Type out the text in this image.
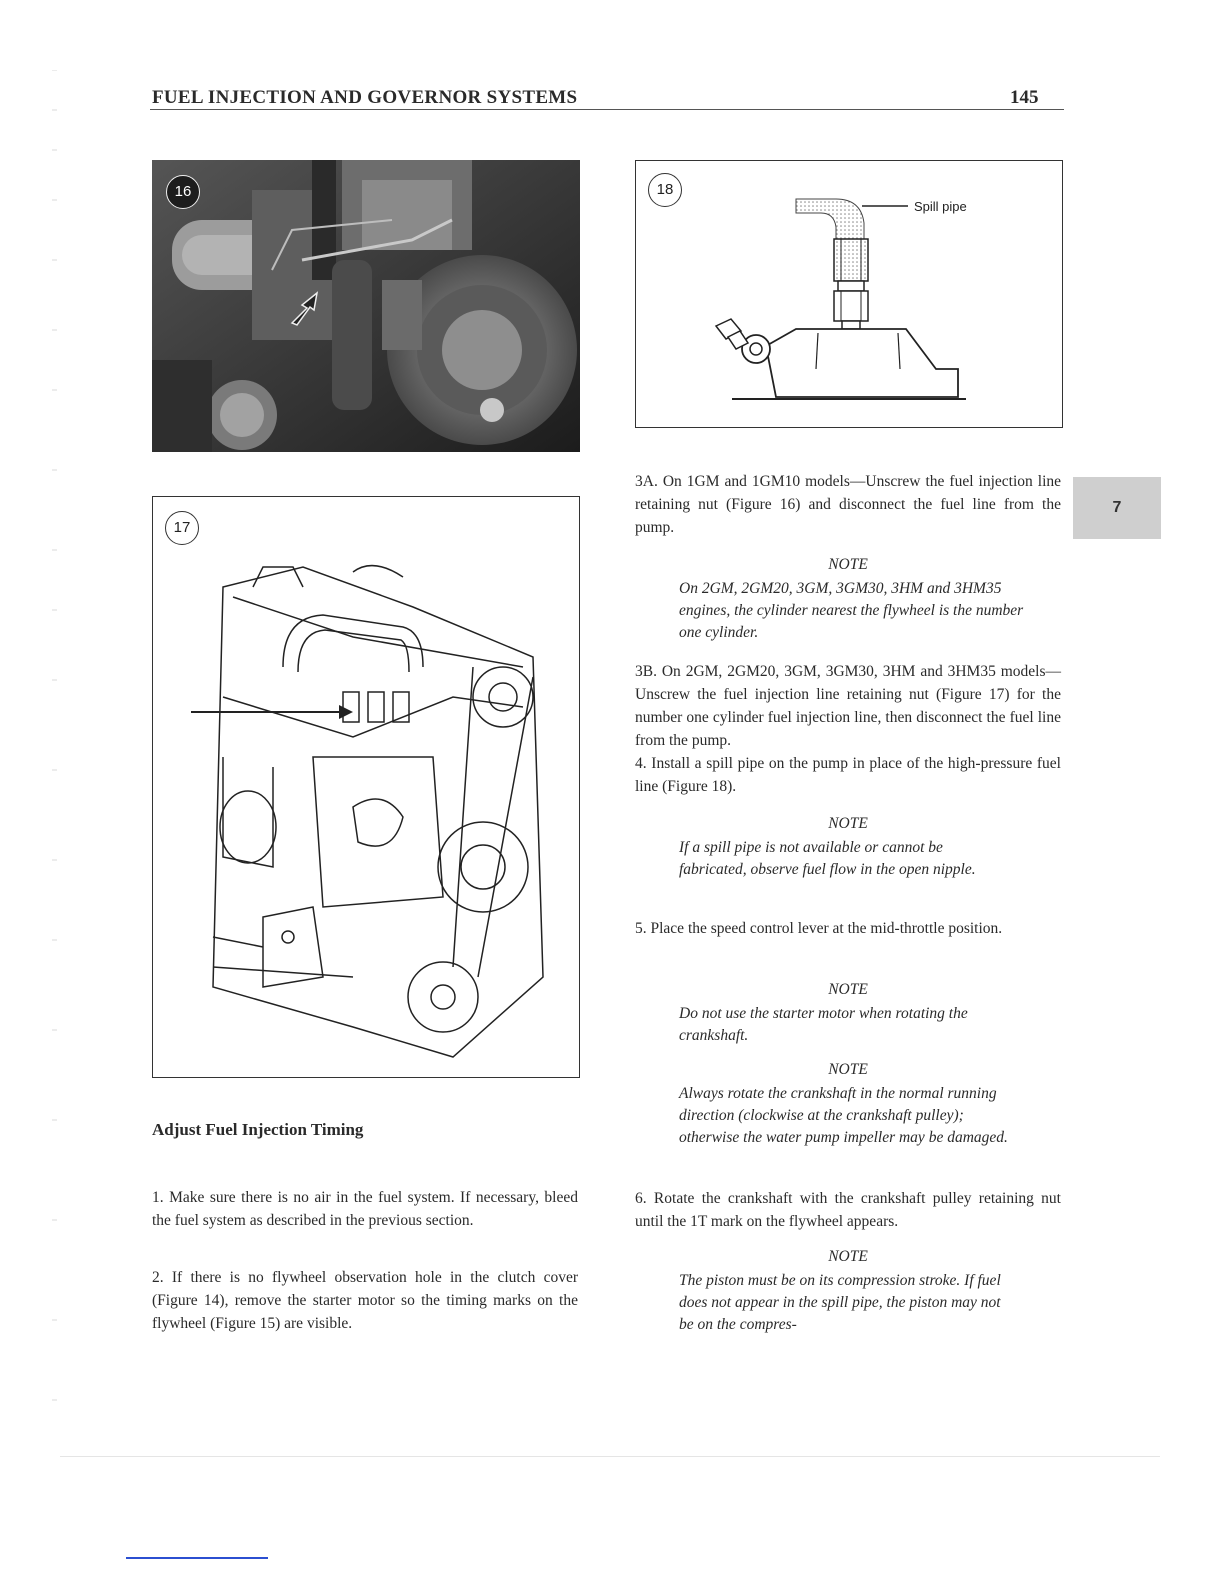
FUEL INJECTION AND GOVERNOR SYSTEMS	145
16	18
Spill pipe
17
7

3A. On 1GM and 1GM10 models—Unscrew the fuel injection line retaining nut (Figure 16) and disconnect the fuel line from the pump.

NOTE
On 2GM, 2GM20, 3GM, 3GM30, 3HM and 3HM35 engines, the cylinder nearest the flywheel is the number one cylinder.

3B. On 2GM, 2GM20, 3GM, 3GM30, 3HM and 3HM35 models—Unscrew the fuel injection line retaining nut (Figure 17) for the number one cylinder fuel injection line, then disconnect the fuel line from the pump.

4. Install a spill pipe on the pump in place of the high-pressure fuel line (Figure 18).

NOTE
If a spill pipe is not available or cannot be fabricated, observe fuel flow in the open nipple.

5. Place the speed control lever at the mid-throttle position.

NOTE
Do not use the starter motor when rotating the crankshaft.
NOTE
Always rotate the crankshaft in the normal running direction (clockwise at the crankshaft pulley); otherwise the water pump impeller may be damaged.

6. Rotate the crankshaft with the crankshaft pulley retaining nut until the 1T mark on the flywheel appears.

NOTE
The piston must be on its compression stroke. If fuel does not appear in the spill pipe, the piston may not be on the compres-
Adjust Fuel Injection Timing

1. Make sure there is no air in the fuel system. If necessary, bleed the fuel system as described in the previous section.

2. If there is no flywheel observation hole in the clutch cover (Figure 14), remove the starter motor so the timing marks on the flywheel (Figure 15) are visible.
